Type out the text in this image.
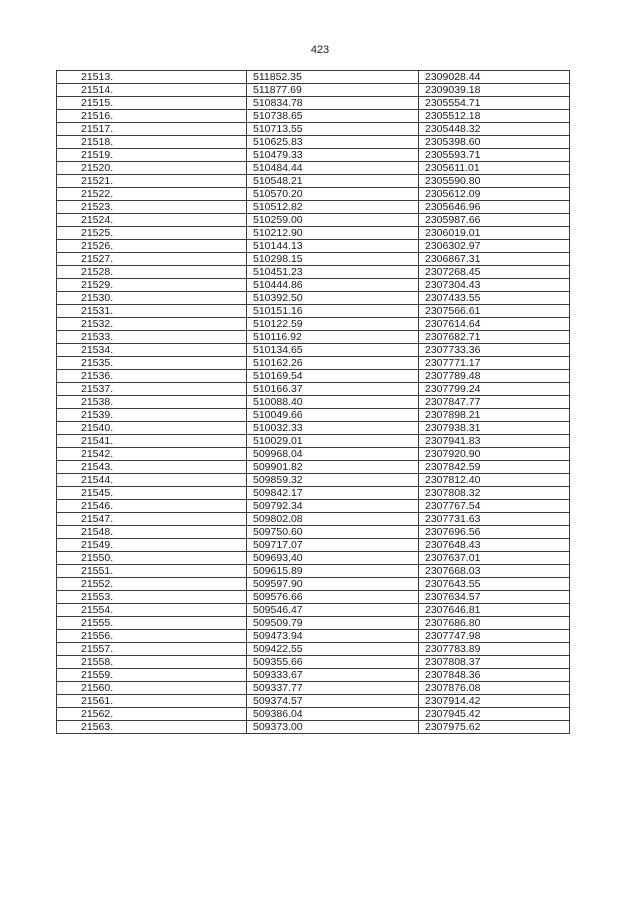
423
21513.	511852.35	2309028.44
21514.	511877.69	2309039.18
21515.	510834.78	2305554.71
21516.	510738.65	2305512.18
21517.	510713.55	2305448.32
21518.	510625.83	2305398.60
21519.	510479.33	2305593.71
21520.	510484.44	2305611.01
21521.	510548.21	2305590.80
21522.	510570.20	2305612.09
21523.	510512.82	2305646.96
21524.	510259.00	2305987.66
21525.	510212.90	2306019.01
21526.	510144.13	2306302.97
21527.	510298.15	2306867.31
21528.	510451.23	2307268.45
21529.	510444.86	2307304.43
21530.	510392.50	2307433.55
21531.	510151.16	2307566.61
21532.	510122.59	2307614.64
21533.	510116.92	2307682.71
21534.	510134.65	2307733.36
21535.	510162.26	2307771.17
21536.	510169.54	2307789.48
21537.	510166.37	2307799.24
21538.	510088.40	2307847.77
21539.	510049.66	2307898.21
21540.	510032.33	2307938.31
21541.	510029.01	2307941.83
21542.	509968.04	2307920.90
21543.	509901.82	2307842.59
21544.	509859.32	2307812.40
21545.	509842.17	2307808.32
21546.	509792.34	2307767.54
21547.	509802.08	2307731.63
21548.	509750.60	2307696.56
21549.	509717.07	2307648.43
21550.	509693.40	2307637.01
21551.	509615.89	2307668.03
21552.	509597.90	2307643.55
21553.	509576.66	2307634.57
21554.	509546.47	2307646.81
21555.	509509.79	2307686.80
21556.	509473.94	2307747.98
21557.	509422.55	2307783.89
21558.	509355.66	2307808.37
21559.	509333.67	2307848.36
21560.	509337.77	2307876.08
21561.	509374.57	2307914.42
21562.	509386.04	2307945.42
21563.	509373.00	2307975.62
